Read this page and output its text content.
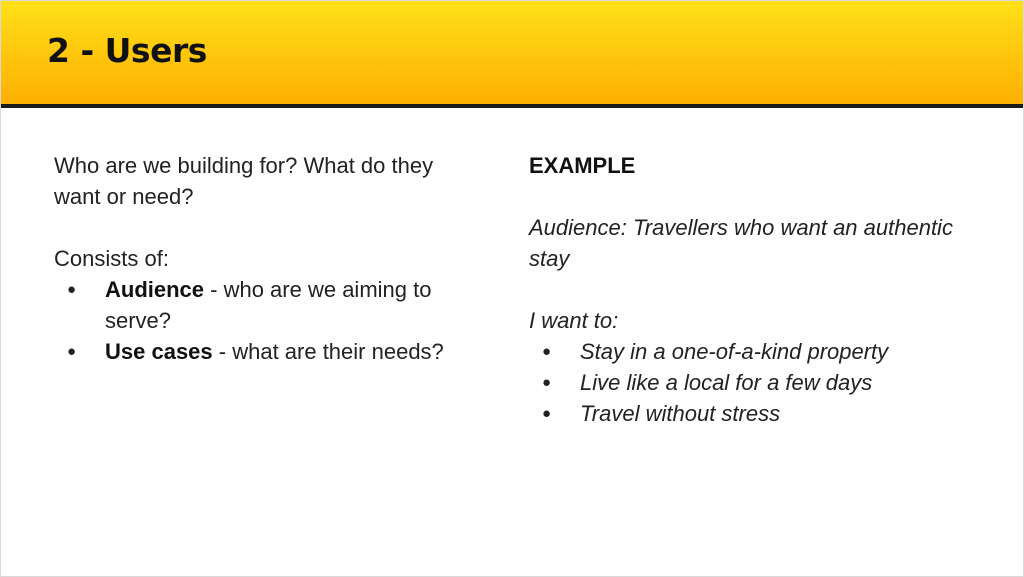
2 - Users

Who are we building for? What do they want or need?

Consists of:

● Audience - who are we aiming to serve?
● Use cases - what are their needs?

EXAMPLE

Audience: Travellers who want an authentic stay

I want to:

● Stay in a one-of-a-kind property
● Live like a local for a few days
● Travel without stress
